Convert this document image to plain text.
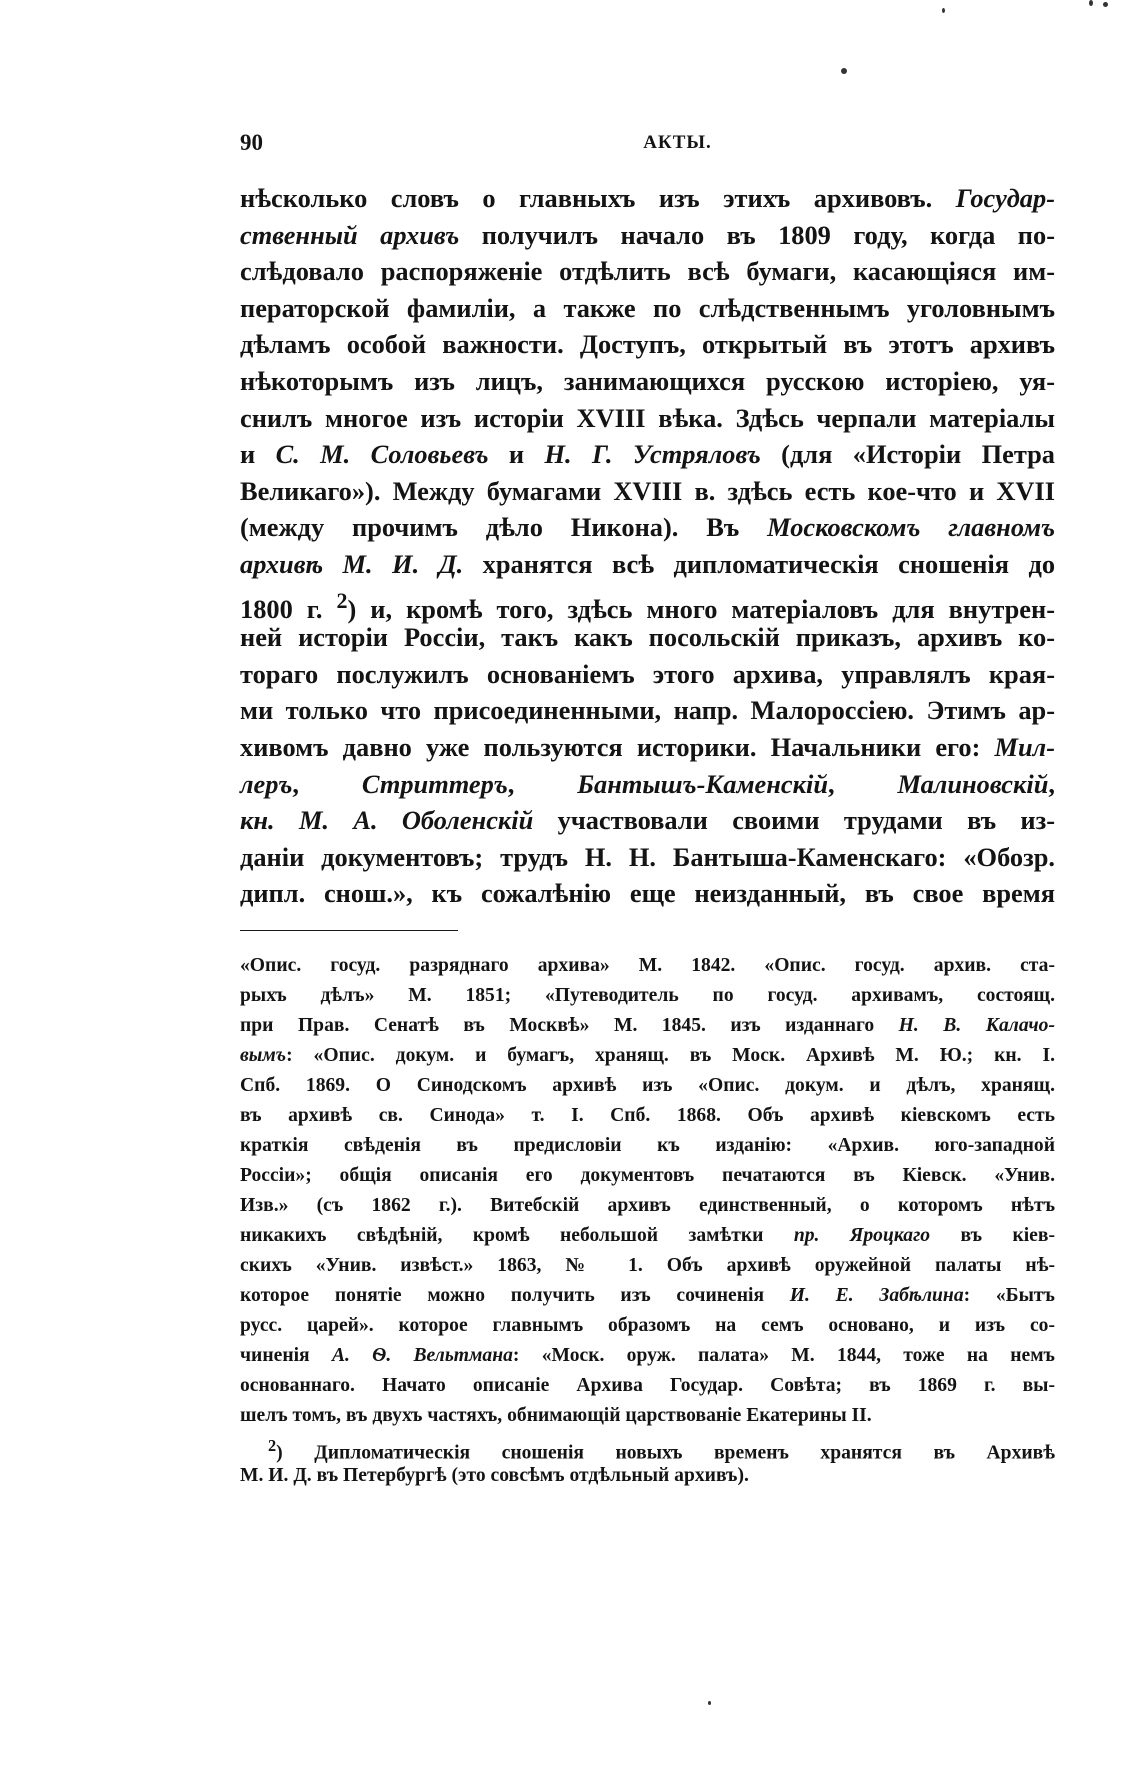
90	АКТЫ.
нѣсколько словъ о главныхъ изъ этихъ архивовъ. Государ-
ственный архивъ получилъ начало въ 1809 году, когда по-
слѣдовало распоряженіе отдѣлить всѣ бумаги, касающіяся им-
ператорской фамиліи, а также по слѣдственнымъ уголовнымъ
дѣламъ особой важности. Доступъ, открытый въ этотъ архивъ
нѣкоторымъ изъ лицъ, занимающихся русскою исторіею, уя-
снилъ многое изъ исторіи XVIII вѣка. Здѣсь черпали матеріалы
и С. М. Соловьевъ и Н. Г. Устряловъ (для «Исторіи Петра
Великаго»). Между бумагами XVIII в. здѣсь есть кое-что и XVII
(между прочимъ дѣло Никона). Въ Московскомъ главномъ
архивѣ М. И. Д. хранятся всѣ дипломатическія сношенія до
1800 г. $^2$) и, кромѣ того, здѣсь много матеріаловъ для внутрен-
ней исторіи Россіи, такъ какъ посольскій приказъ, архивъ ко-
тораго послужилъ основаніемъ этого архива, управлялъ края-
ми только что присоединенными, напр. Малороссіею. Этимъ ар-
хивомъ давно уже пользуются историки. Начальники его: Мил-
леръ, Стриттеръ, Бантышъ-Каменскій, Малиновскій,
кн. М. А. Оболенскій участвовали своими трудами въ из-
даніи документовъ; трудъ Н. Н. Бантыша-Каменскаго: «Обозр.
дипл. снош.», къ сожалѣнію еще неизданный, въ свое время
«Опис. госуд. разряднаго архива» М. 1842. «Опис. госуд. архив. ста-
рыхъ дѣлъ» М. 1851; «Путеводитель по госуд. архивамъ, состоящ.
при Прав. Сенатѣ въ Москвѣ» М. 1845. изъ изданнаго Н. В. Калачо-
вымъ: «Опис. докум. и бумагъ, хранящ. въ Моск. Архивѣ М. Ю.; кн. I.
Спб. 1869. О Синодскомъ архивѣ изъ «Опис. докум. и дѣлъ, хранящ.
въ архивѣ св. Синода» т. I. Спб. 1868. Объ архивѣ кіевскомъ есть
краткія свѣденія въ предисловіи къ изданію: «Архив. юго-западной
Россіи»; общія описанія его документовъ печатаются въ Кіевск. «Унив.
Изв.» (съ 1862 г.). Витебскій архивъ единственный, о которомъ нѣтъ
никакихъ свѣдѣній, кромѣ небольшой замѣтки пр. Яроцкаго въ кіев-
скихъ «Унив. извѣст.» 1863, № 1. Объ архивѣ оружейной палаты нѣ-
которое понятіе можно получить изъ сочиненія И. Е. Забѣлина: «Бытъ
русс. царей». которое главнымъ образомъ на семъ основано, и изъ со-
чиненія А. Ѳ. Вельтмана: «Моск. оруж. палата» М. 1844, тоже на немъ
основаннаго. Начато описаніе Архива Государ. Совѣта; въ 1869 г. вы-
шелъ томъ, въ двухъ частяхъ, обнимающій царствованіе Екатерины II.
$^2$) Дипломатическія сношенія новыхъ временъ хранятся въ Архивѣ
М. И. Д. въ Петербургѣ (это совсѣмъ отдѣльный архивъ).
